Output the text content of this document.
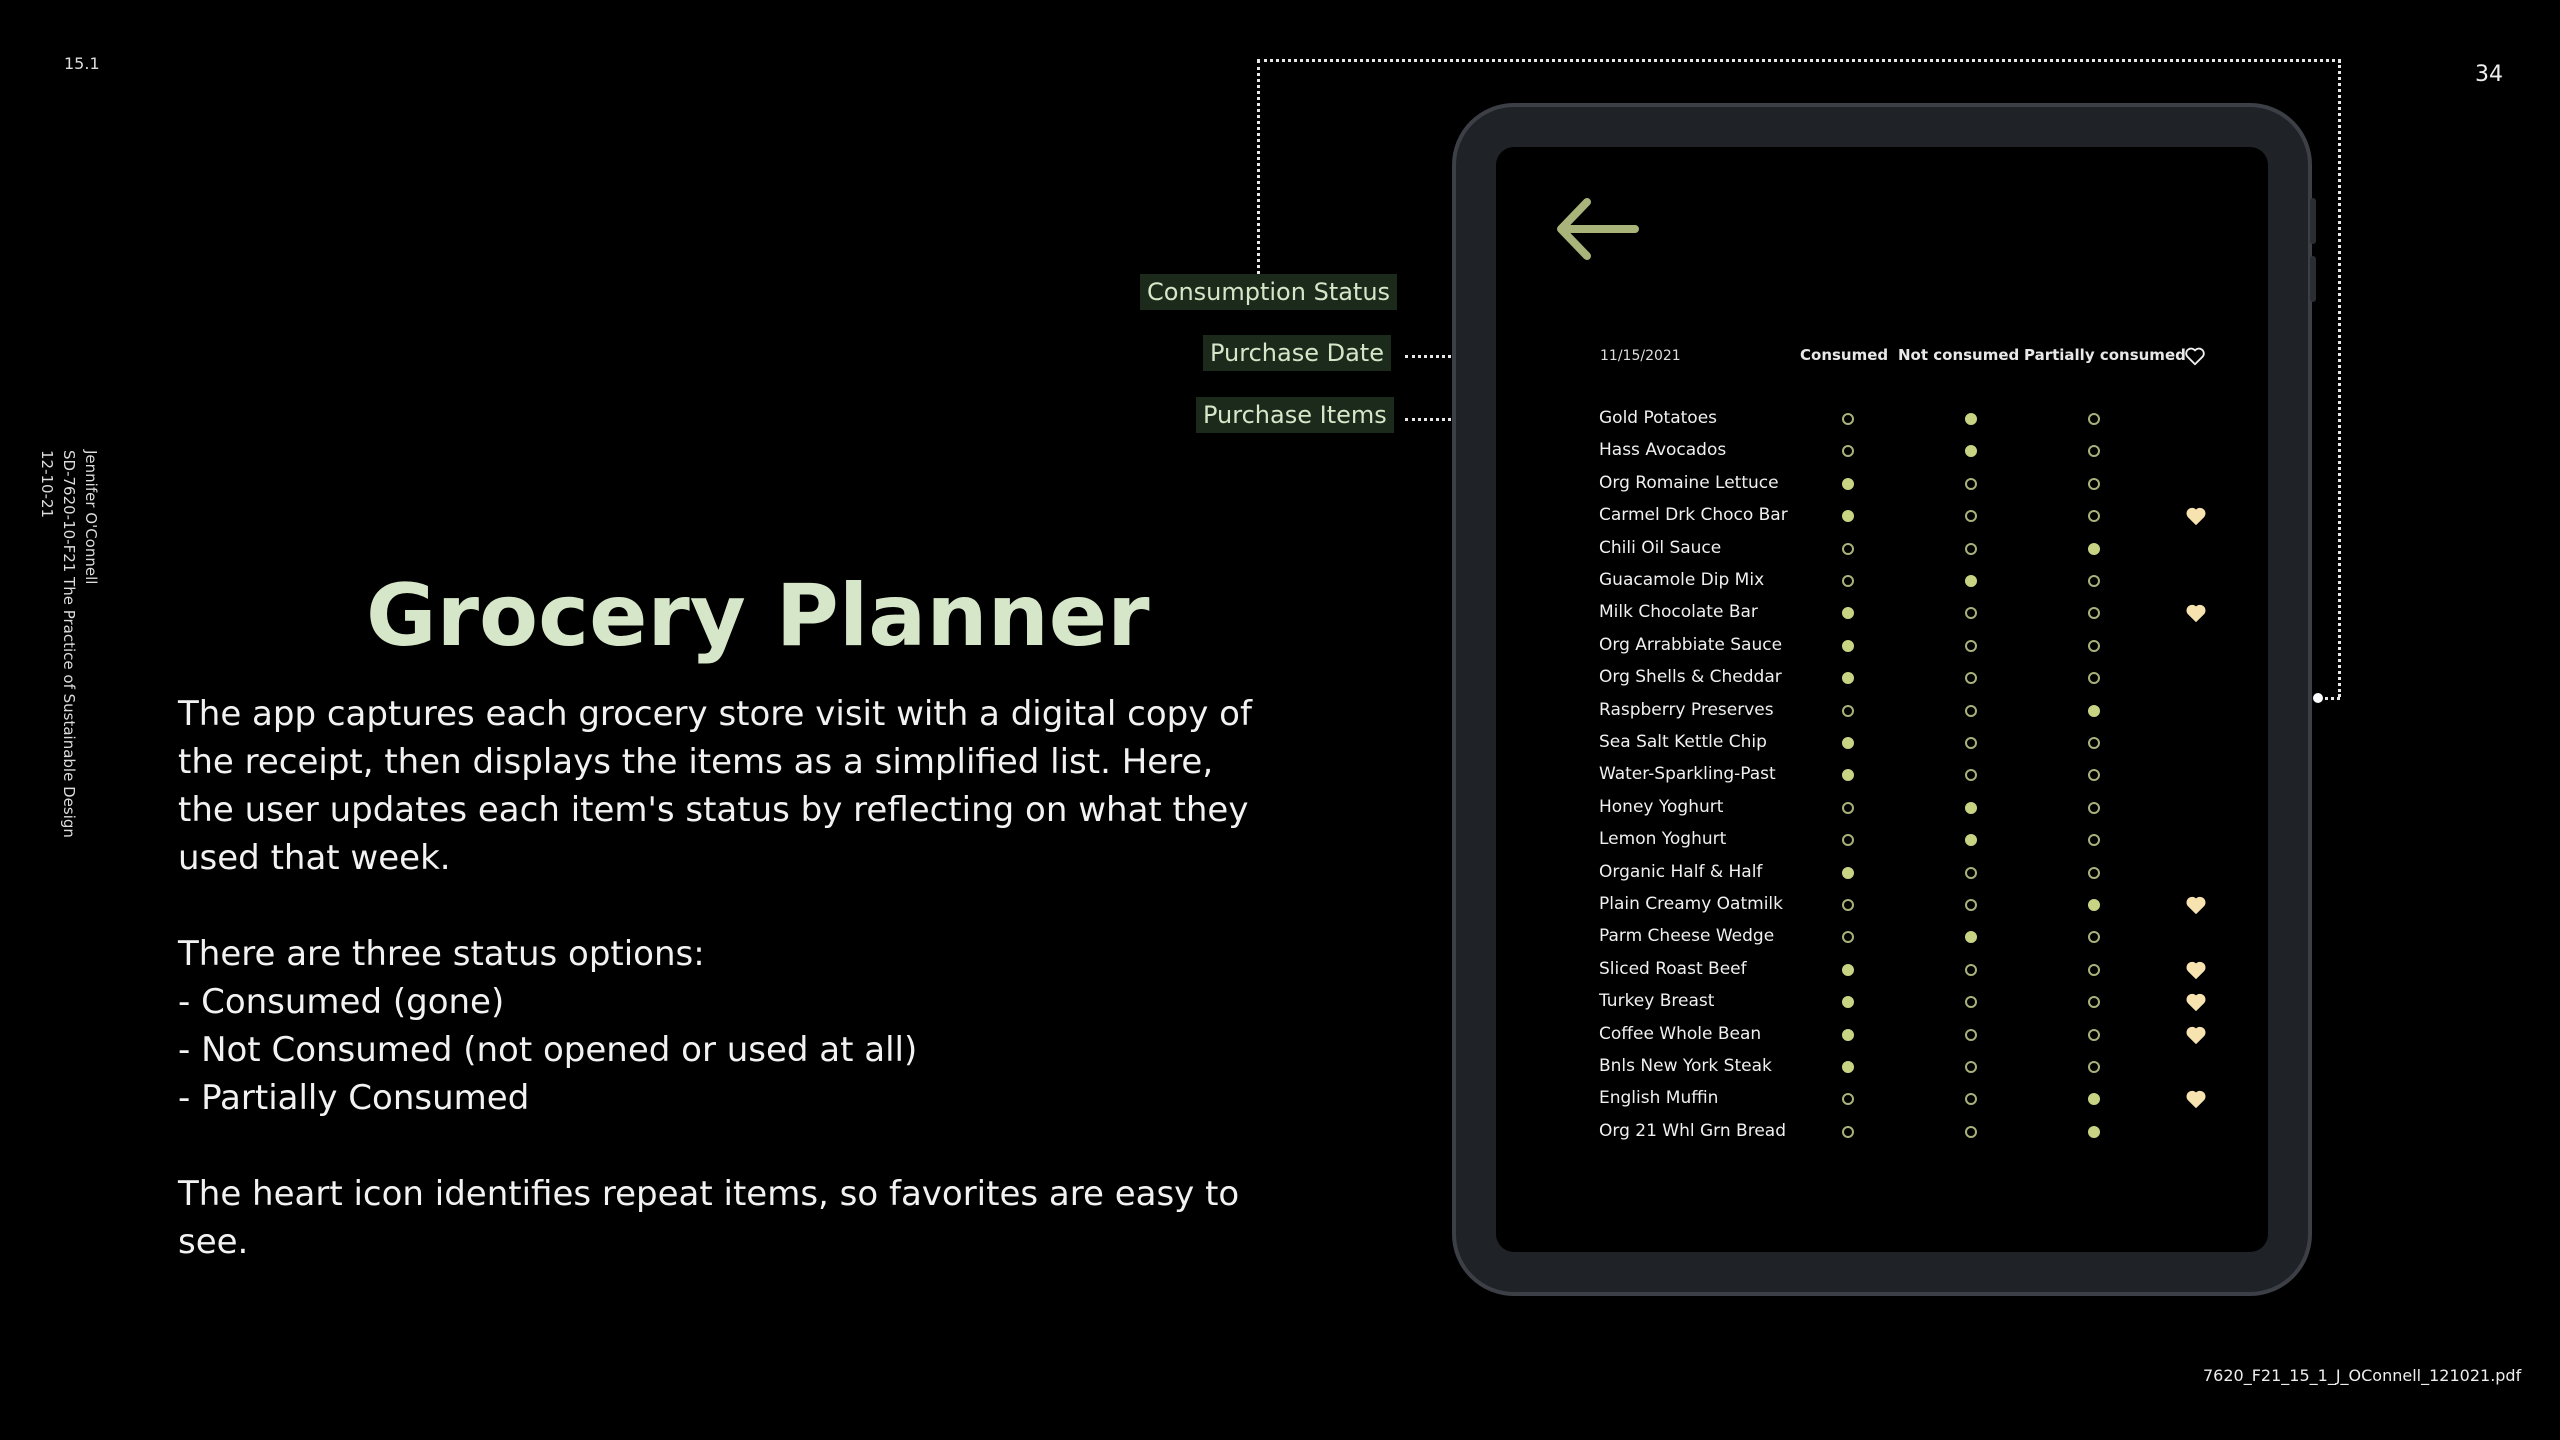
15.1	34
7620_F21_15_1_J_OConnell_121021.pdf
Jennifer O'Connell
SD-7620-10-F21 The Practice of Sustainable Design
12-10-21
Grocery Planner

The app captures each grocery store visit with a digital copy of the receipt, then displays the items as a simplified list. Here, the user updates each item's status by reflecting on what they used that week.

There are three status options:

- Consumed (gone)

- Not Consumed (not opened or used at all)

- Partially Consumed

The heart icon identifies repeat items, so favorites are easy to see.

Consumption Status
Purchase Date
Purchase Items
11/15/2021	Consumed Not consumed Partially consumed
Gold Potatoes
Hass Avocados
Org Romaine Lettuce
Carmel Drk Choco Bar
Chili Oil Sauce
Guacamole Dip Mix
Milk Chocolate Bar
Org Arrabbiate Sauce
Org Shells & Cheddar
Raspberry Preserves
Sea Salt Kettle Chip
Water-Sparkling-Past
Honey Yoghurt
Lemon Yoghurt
Organic Half & Half
Plain Creamy Oatmilk
Parm Cheese Wedge
Sliced Roast Beef
Turkey Breast
Coffee Whole Bean
Bnls New York Steak
English Muffin
Org 21 Whl Grn Bread
